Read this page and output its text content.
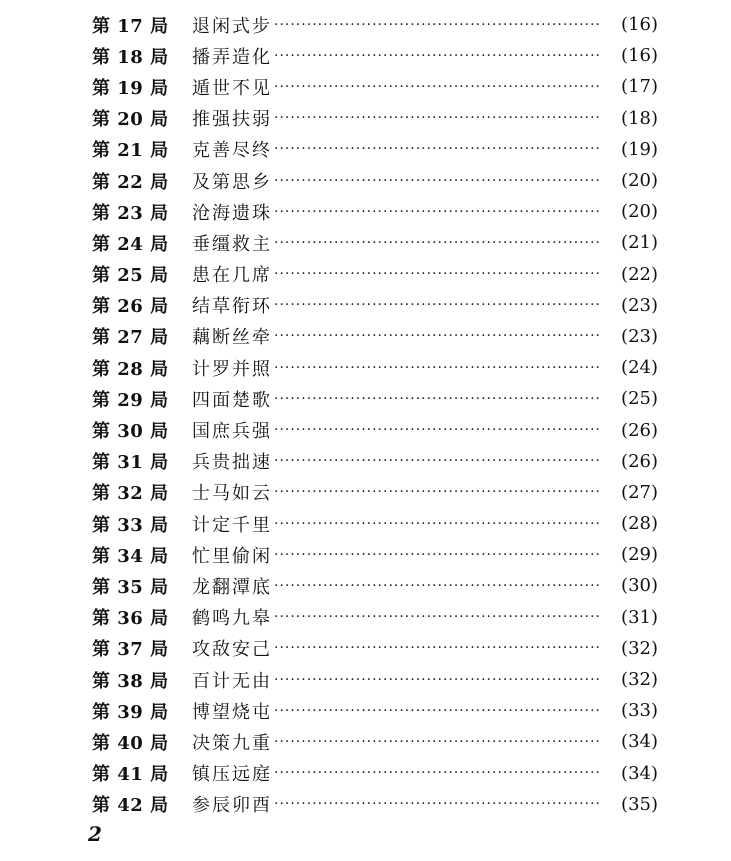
第 17 局	退闲式步 ····························································	(16)
第 18 局	播弄造化 ····························································	(16)
第 19 局	遁世不见 ····························································	(17)
第 20 局	推强扶弱 ····························································	(18)
第 21 局	克善尽终 ····························································	(19)
第 22 局	及第思乡 ····························································	(20)
第 23 局	沧海遗珠 ····························································	(20)
第 24 局	垂缰救主 ····························································	(21)
第 25 局	患在几席 ····························································	(22)
第 26 局	结草衔环 ····························································	(23)
第 27 局	藕断丝牵 ····························································	(23)
第 28 局	计罗并照 ····························································	(24)
第 29 局	四面楚歌 ····························································	(25)
第 30 局	国庶兵强 ····························································	(26)
第 31 局	兵贵拙速 ····························································	(26)
第 32 局	士马如云 ····························································	(27)
第 33 局	计定千里 ····························································	(28)
第 34 局	忙里偷闲 ····························································	(29)
第 35 局	龙翻潭底 ····························································	(30)
第 36 局	鹤鸣九皋 ····························································	(31)
第 37 局	攻敌安己 ····························································	(32)
第 38 局	百计无由 ····························································	(32)
第 39 局	博望烧屯 ····························································	(33)
第 40 局	决策九重 ····························································	(34)
第 41 局	镇压远庭 ····························································	(34)
第 42 局	参辰卯酉 ····························································	(35)
2
